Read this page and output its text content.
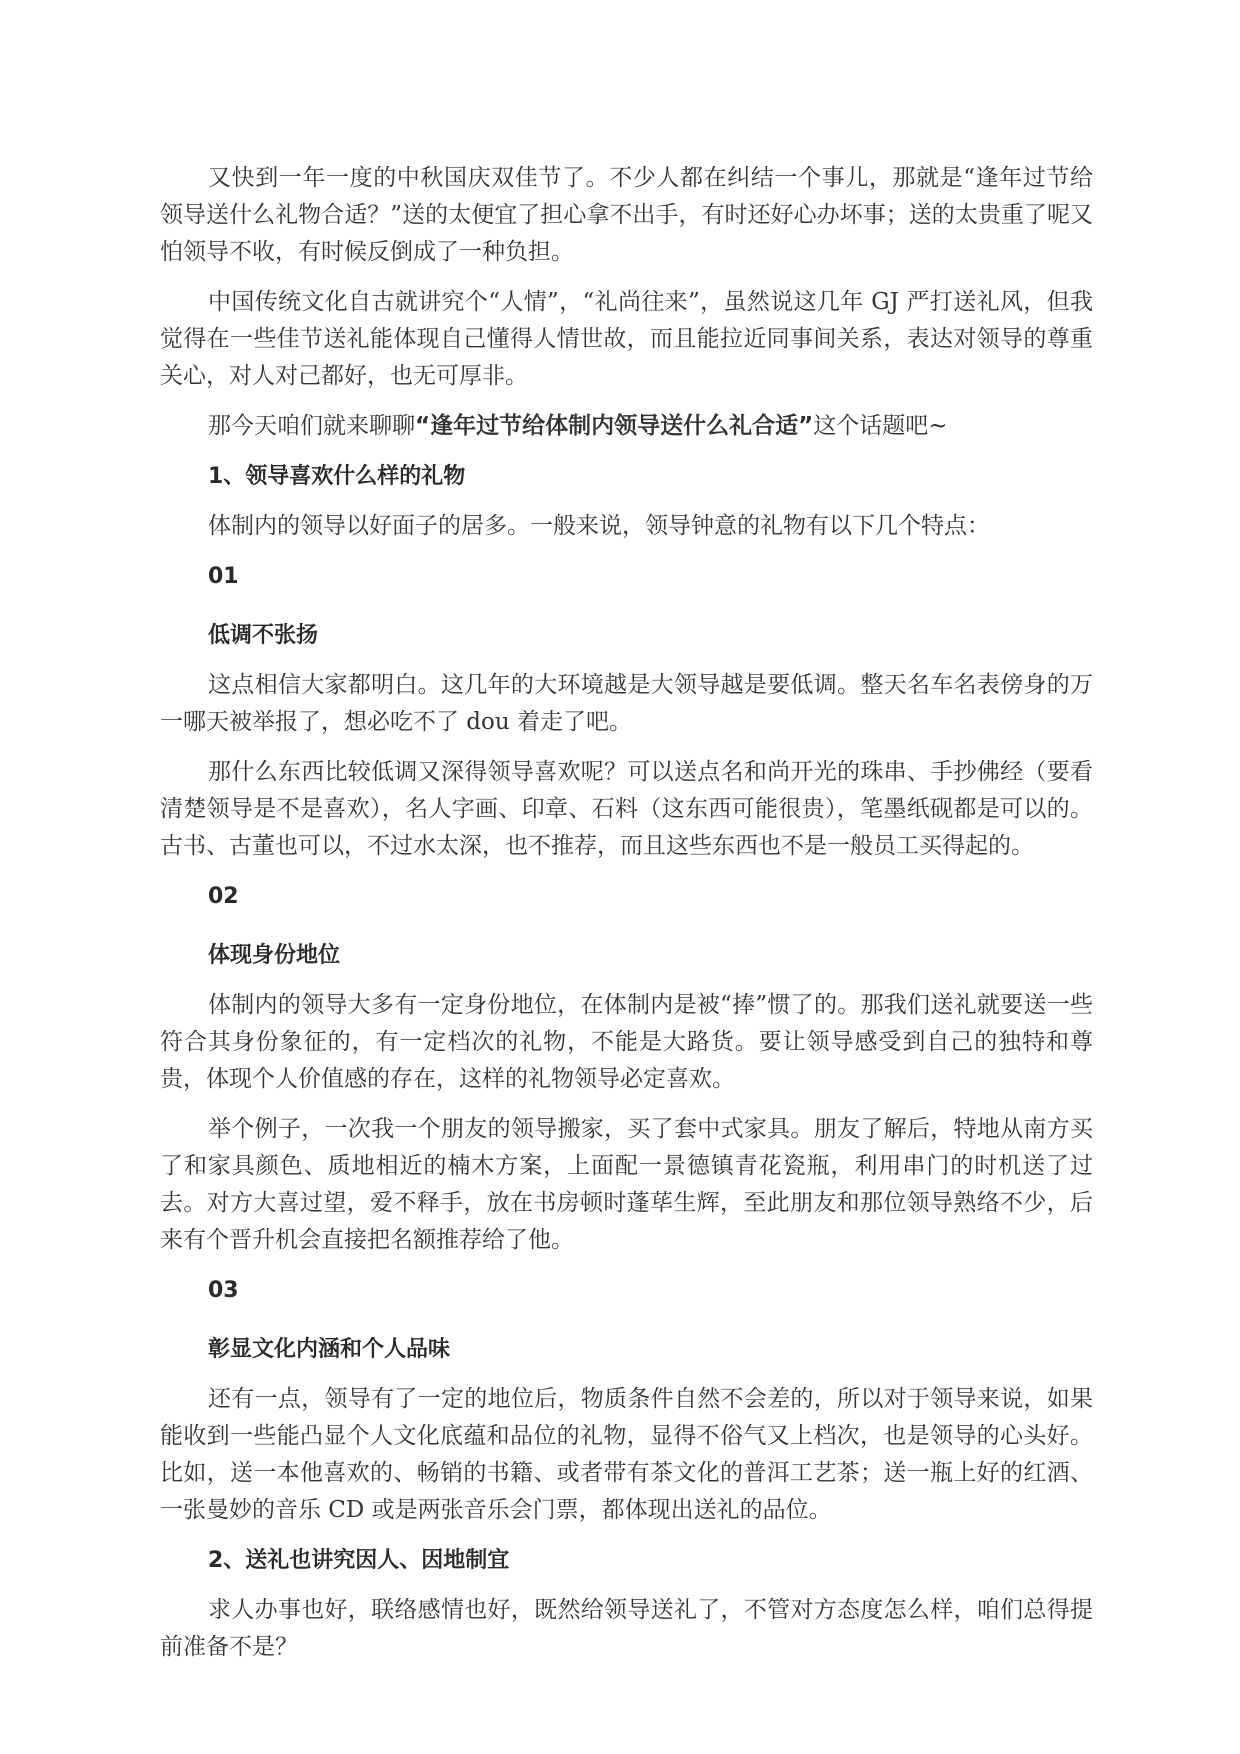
又快到一年一度的中秋国庆双佳节了。不少人都在纠结一个事儿，那就是“逢年过节给领导送什么礼物合适？”送的太便宜了担心拿不出手，有时还好心办坏事；送的太贵重了呢又怕领导不收，有时候反倒成了一种负担。

中国传统文化自古就讲究个“人情”，“礼尚往来”，虽然说这几年 GJ 严打送礼风，但我觉得在一些佳节送礼能体现自己懂得人情世故，而且能拉近同事间关系，表达对领导的尊重关心，对人对己都好，也无可厚非。

那今天咱们就来聊聊“逢年过节给体制内领导送什么礼合适”这个话题吧~

1、领导喜欢什么样的礼物

体制内的领导以好面子的居多。一般来说，领导钟意的礼物有以下几个特点：

01

低调不张扬

这点相信大家都明白。这几年的大环境越是大领导越是要低调。整天名车名表傍身的万一哪天被举报了，想必吃不了 dou 着走了吧。

那什么东西比较低调又深得领导喜欢呢？可以送点名和尚开光的珠串、手抄佛经（要看清楚领导是不是喜欢），名人字画、印章、石料（这东西可能很贵），笔墨纸砚都是可以的。古书、古董也可以，不过水太深，也不推荐，而且这些东西也不是一般员工买得起的。

02

体现身份地位

体制内的领导大多有一定身份地位，在体制内是被“捧”惯了的。那我们送礼就要送一些符合其身份象征的，有一定档次的礼物，不能是大路货。要让领导感受到自己的独特和尊贵，体现个人价值感的存在，这样的礼物领导必定喜欢。

举个例子，一次我一个朋友的领导搬家，买了套中式家具。朋友了解后，特地从南方买了和家具颜色、质地相近的楠木方案，上面配一景德镇青花瓷瓶，利用串门的时机送了过去。对方大喜过望，爱不释手，放在书房顿时蓬荜生辉，至此朋友和那位领导熟络不少，后来有个晋升机会直接把名额推荐给了他。

03

彰显文化内涵和个人品味

还有一点，领导有了一定的地位后，物质条件自然不会差的，所以对于领导来说，如果能收到一些能凸显个人文化底蕴和品位的礼物，显得不俗气又上档次，也是领导的心头好。比如，送一本他喜欢的、畅销的书籍、或者带有茶文化的普洱工艺茶；送一瓶上好的红酒、一张曼妙的音乐 CD 或是两张音乐会门票，都体现出送礼的品位。

2、送礼也讲究因人、因地制宜

求人办事也好，联络感情也好，既然给领导送礼了，不管对方态度怎么样，咱们总得提前准备不是？
